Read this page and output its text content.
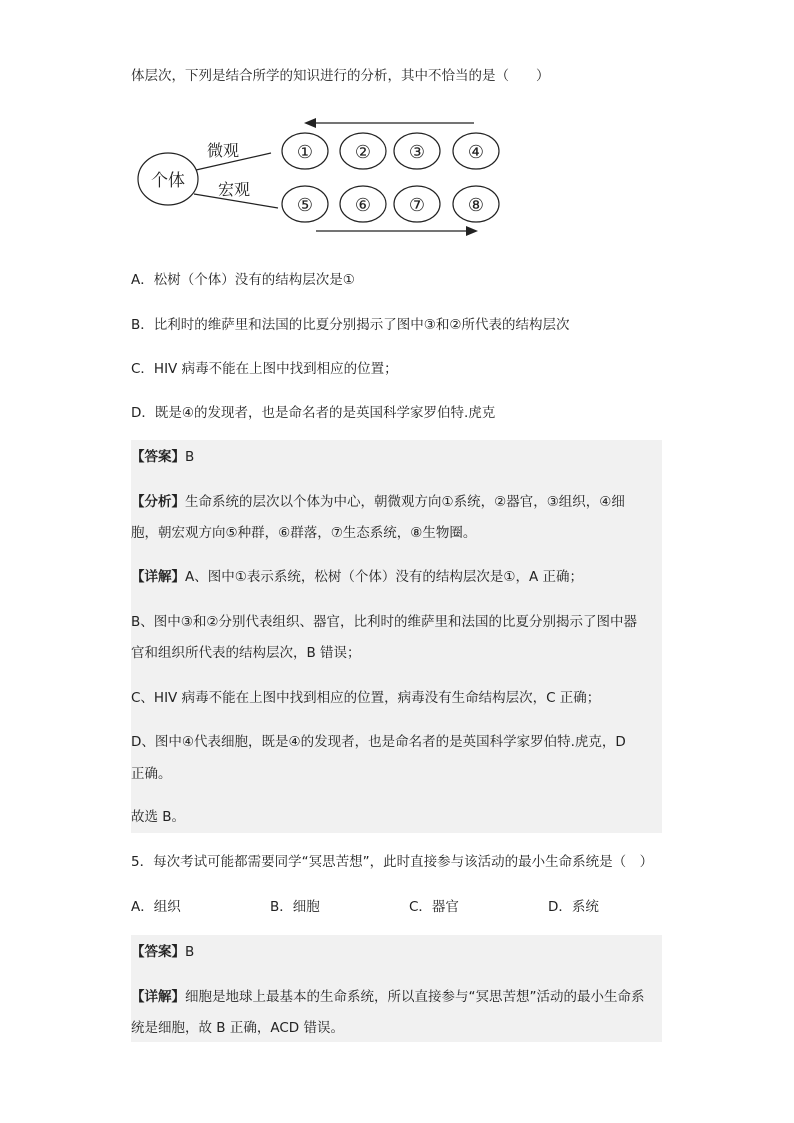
体层次，下列是结合所学的知识进行的分析，其中不恰当的是（　　）
个体
微观
宏观
① ② ③ ④
⑤ ⑥ ⑦ ⑧
A．松树（个体）没有的结构层次是①
B．比利时的维萨里和法国的比夏分别揭示了图中③和②所代表的结构层次
C．HIV 病毒不能在上图中找到相应的位置；
D．既是④的发现者，也是命名者的是英国科学家罗伯特.虎克
【答案】B
【分析】生命系统的层次以个体为中心，朝微观方向①系统，②器官，③组织，④细
胞，朝宏观方向⑤种群，⑥群落，⑦生态系统，⑧生物圈。
【详解】A、图中①表示系统，松树（个体）没有的结构层次是①，A 正确；
B、图中③和②分别代表组织、器官，比利时的维萨里和法国的比夏分别揭示了图中器
官和组织所代表的结构层次，B 错误；
C、HIV 病毒不能在上图中找到相应的位置，病毒没有生命结构层次，C 正确；
D、图中④代表细胞，既是④的发现者，也是命名者的是英国科学家罗伯特.虎克，D
正确。
故选 B。
5．每次考试可能都需要同学“冥思苦想”，此时直接参与该活动的最小生命系统是（　）
A．组织	B．细胞	C．器官	D．系统
【答案】B
【详解】细胞是地球上最基本的生命系统，所以直接参与“冥思苦想”活动的最小生命系
统是细胞，故 B 正确，ACD 错误。
